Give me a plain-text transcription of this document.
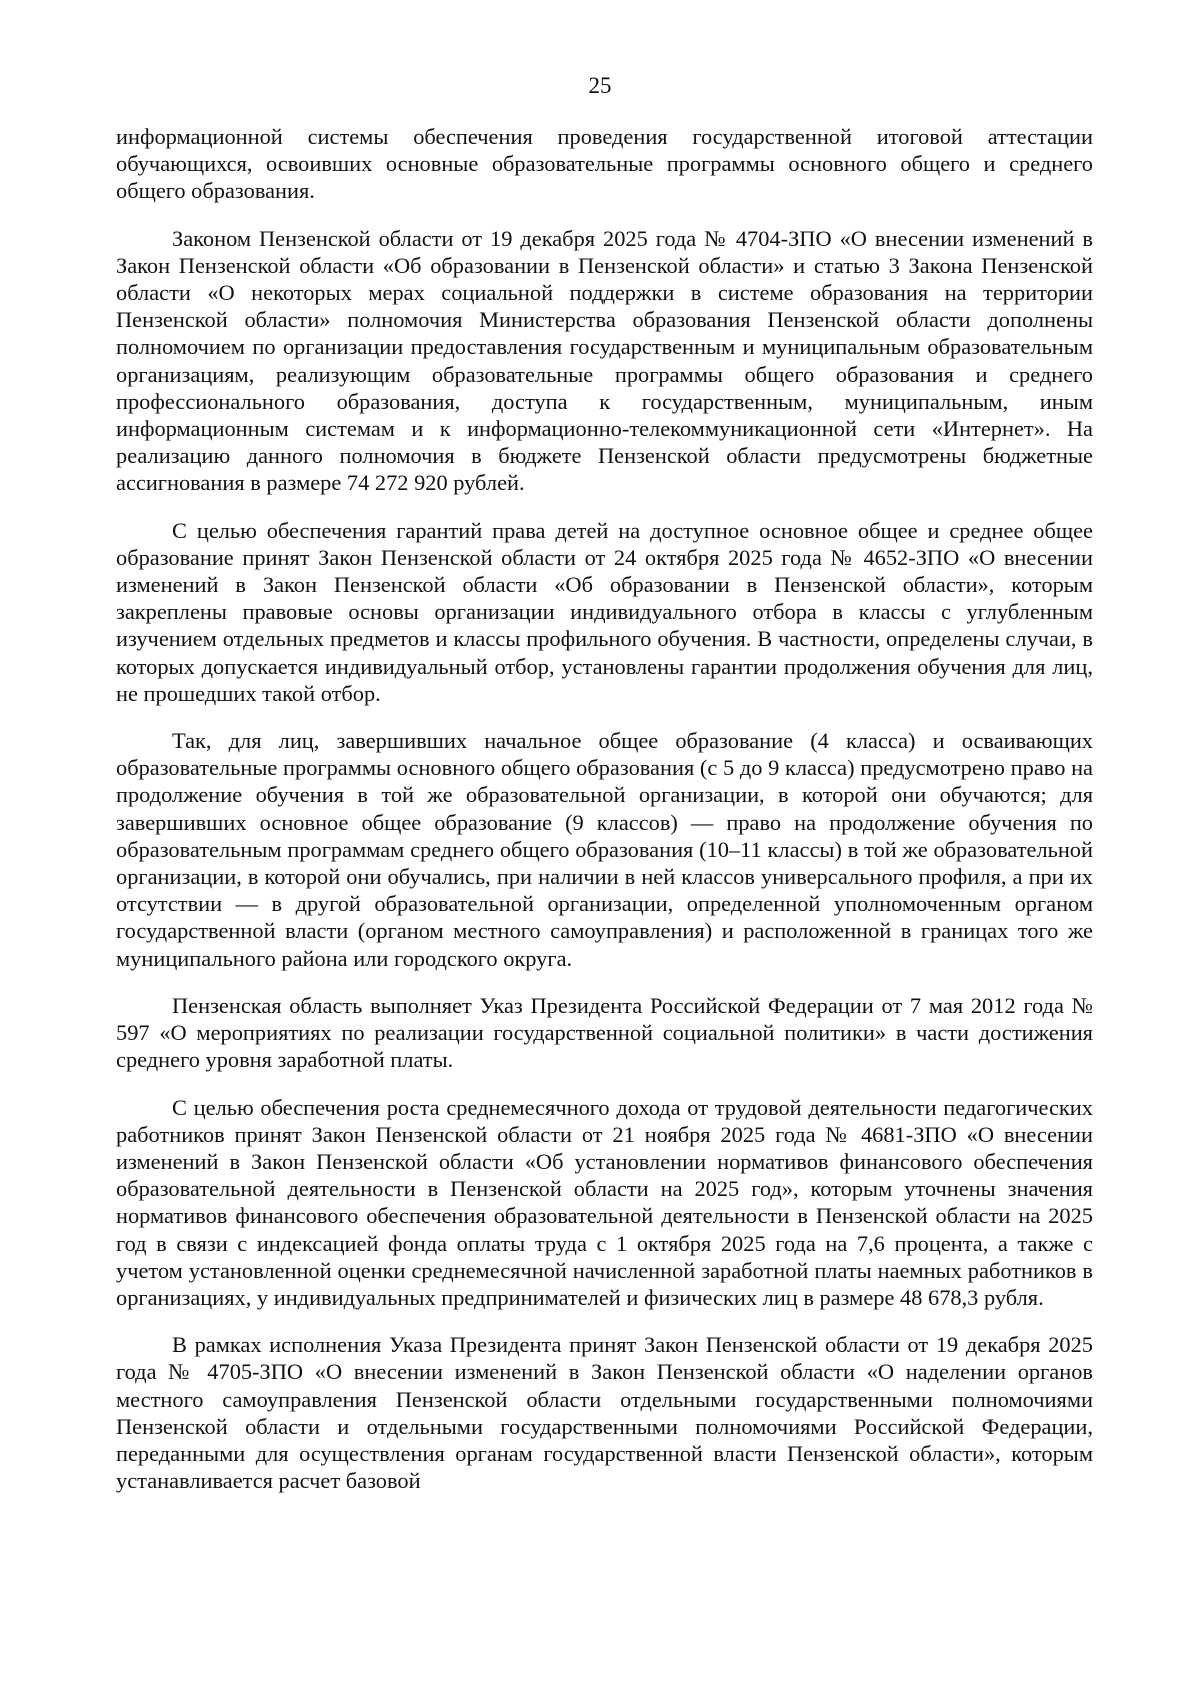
25

информационной системы обеспечения проведения государственной итоговой аттестации обучающихся, освоивших основные образовательные программы основного общего и среднего общего образования.

Законом Пензенской области от 19 декабря 2025 года № 4704-ЗПО «О внесении изменений в Закон Пензенской области «Об образовании в Пензенской области» и статью 3 Закона Пензенской области «О некоторых мерах социальной поддержки в системе образования на территории Пензенской области» полномочия Министерства образования Пензенской области дополнены полномочием по организации предоставления государственным и муниципальным образовательным организациям, реализующим образовательные программы общего образования и среднего профессионального образования, доступа к государственным, муниципальным, иным информационным системам и к информационно-телекоммуникационной сети «Интернет». На реализацию данного полномочия в бюджете Пензенской области предусмотрены бюджетные ассигнования в размере 74 272 920 рублей.

С целью обеспечения гарантий права детей на доступное основное общее и среднее общее образование принят Закон Пензенской области от 24 октября 2025 года № 4652-ЗПО «О внесении изменений в Закон Пензенской области «Об образовании в Пензенской области», которым закреплены правовые основы организации индивидуального отбора в классы с углубленным изучением отдельных предметов и классы профильного обучения. В частности, определены случаи, в которых допускается индивидуальный отбор, установлены гарантии продолжения обучения для лиц, не прошедших такой отбор.

Так, для лиц, завершивших начальное общее образование (4 класса) и осваивающих образовательные программы основного общего образования (с 5 до 9 класса) предусмотрено право на продолжение обучения в той же образовательной организации, в которой они обучаются; для завершивших основное общее образование (9 классов) — право на продолжение обучения по образовательным программам среднего общего образования (10–11 классы) в той же образовательной организации, в которой они обучались, при наличии в ней классов универсального профиля, а при их отсутствии — в другой образовательной организации, определенной уполномоченным органом государственной власти (органом местного самоуправления) и расположенной в границах того же муниципального района или городского округа.

Пензенская область выполняет Указ Президента Российской Федерации от 7 мая 2012 года № 597 «О мероприятиях по реализации государственной социальной политики» в части достижения среднего уровня заработной платы.

С целью обеспечения роста среднемесячного дохода от трудовой деятельности педагогических работников принят Закон Пензенской области от 21 ноября 2025 года № 4681-ЗПО «О внесении изменений в Закон Пензенской области «Об установлении нормативов финансового обеспечения образовательной деятельности в Пензенской области на 2025 год», которым уточнены значения нормативов финансового обеспечения образовательной деятельности в Пензенской области на 2025 год в связи с индексацией фонда оплаты труда с 1 октября 2025 года на 7,6 процента, а также с учетом установленной оценки среднемесячной начисленной заработной платы наемных работников в организациях, у индивидуальных предпринимателей и физических лиц в размере 48 678,3 рубля.

В рамках исполнения Указа Президента принят Закон Пензенской области от 19 декабря 2025 года № 4705-ЗПО «О внесении изменений в Закон Пензенской области «О наделении органов местного самоуправления Пензенской области отдельными государственными полномочиями Пензенской области и отдельными государственными полномочиями Российской Федерации, переданными для осуществления органам государственной власти Пензенской области», которым устанавливается расчет базовой
